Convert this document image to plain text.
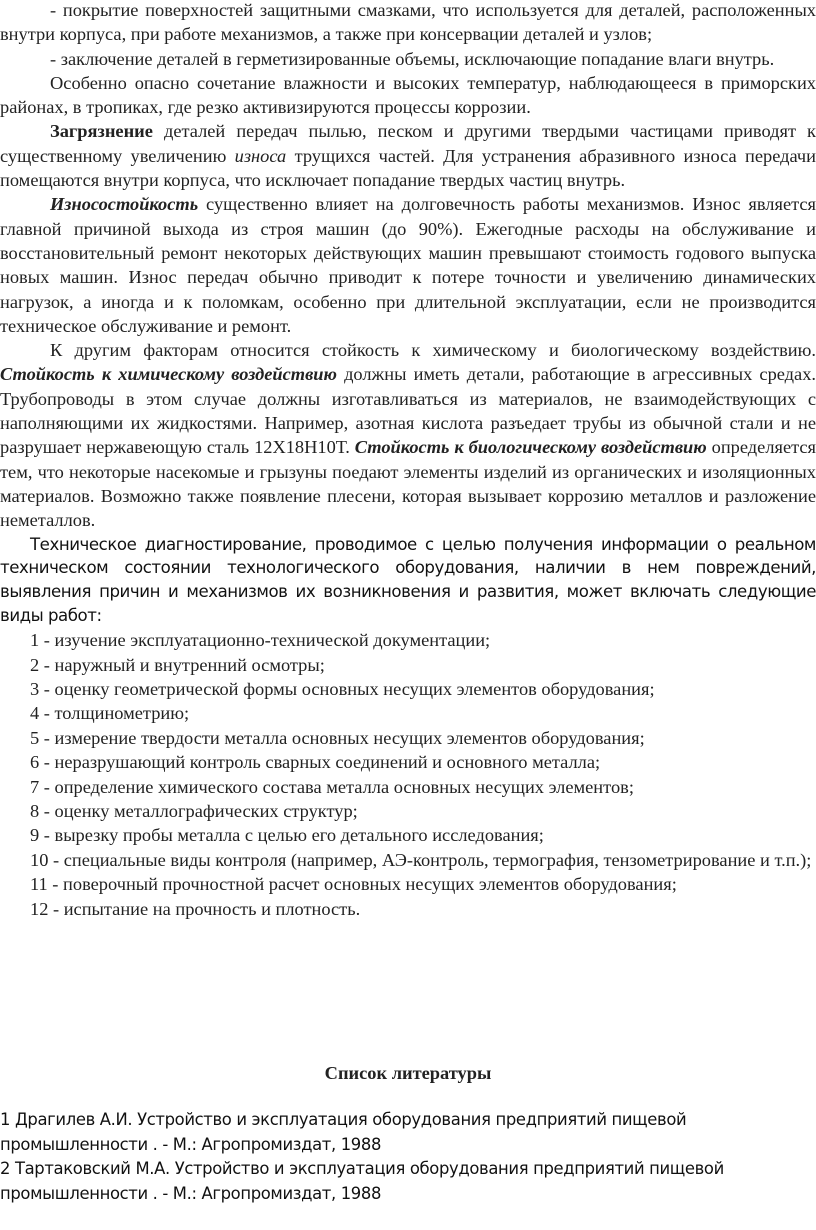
- покрытие поверхностей защитными смазками, что используется для деталей, расположенных внутри корпуса, при работе механизмов, а также при консервации деталей и узлов;

- заключение деталей в герметизированные объемы, исключающие попадание влаги внутрь.

Особенно опасно сочетание влажности и высоких температур, наблюдающееся в приморских районах, в тропиках, где резко активизируются процессы коррозии.

Загрязнение деталей передач пылью, песком и другими твердыми частицами приводят к существенному увеличению износа трущихся частей. Для устранения абразивного износа передачи помещаются внутри корпуса, что исключает попадание твердых частиц внутрь.

Износостойкость существенно влияет на долговечность работы механизмов. Износ является главной причиной выхода из строя машин (до 90%). Ежегодные расходы на обслуживание и восстановительный ремонт некоторых действующих машин превышают стоимость годового выпуска новых машин. Износ передач обычно приводит к потере точности и увеличению динамических нагрузок, а иногда и к поломкам, особенно при длительной эксплуатации, если не производится техническое обслуживание и ремонт.

К другим факторам относится стойкость к химическому и биологическому воздействию. Стойкость к химическому воздействию должны иметь детали, работающие в агрессивных средах. Трубопроводы в этом случае должны изготавливаться из материалов, не взаимодействующих с наполняющими их жидкостями. Например, азотная кислота разъедает трубы из обычной стали и не разрушает нержавеющую сталь 12Х18Н10Т. Стойкость к биологическому воздействию определяется тем, что некоторые насекомые и грызуны поедают элементы изделий из органических и изоляционных материалов. Возможно также появление плесени, которая вызывает коррозию металлов и разложение неметаллов.

Техническое диагностирование, проводимое с целью получения информации о реальном техническом состоянии технологического оборудования, наличии в нем повреждений, выявления причин и механизмов их возникновения и развития, может включать следующие виды работ:

1 - изучение эксплуатационно-технической документации;
2 - наружный и внутренний осмотры;
3 - оценку геометрической формы основных несущих элементов оборудования;
4 - толщинометрию;
5 - измерение твердости металла основных несущих элементов оборудования;
6 - неразрушающий контроль сварных соединений и основного металла;
7 - определение химического состава металла основных несущих элементов;
8 - оценку металлографических структур;
9 - вырезку пробы металла с целью его детального исследования;
10 - специальные виды контроля (например, АЭ-контроль, термография, тензометрирование и т.п.);
11 - поверочный прочностной расчет основных несущих элементов оборудования;
12 - испытание на прочность и плотность.
Список литературы

1 Драгилев А.И. Устройство и эксплуатация оборудования предприятий пищевой промышленности . - М.: Агропромиздат, 1988

2 Тартаковский М.А. Устройство и эксплуатация оборудования предприятий пищевой промышленности . - М.: Агропромиздат, 1988
